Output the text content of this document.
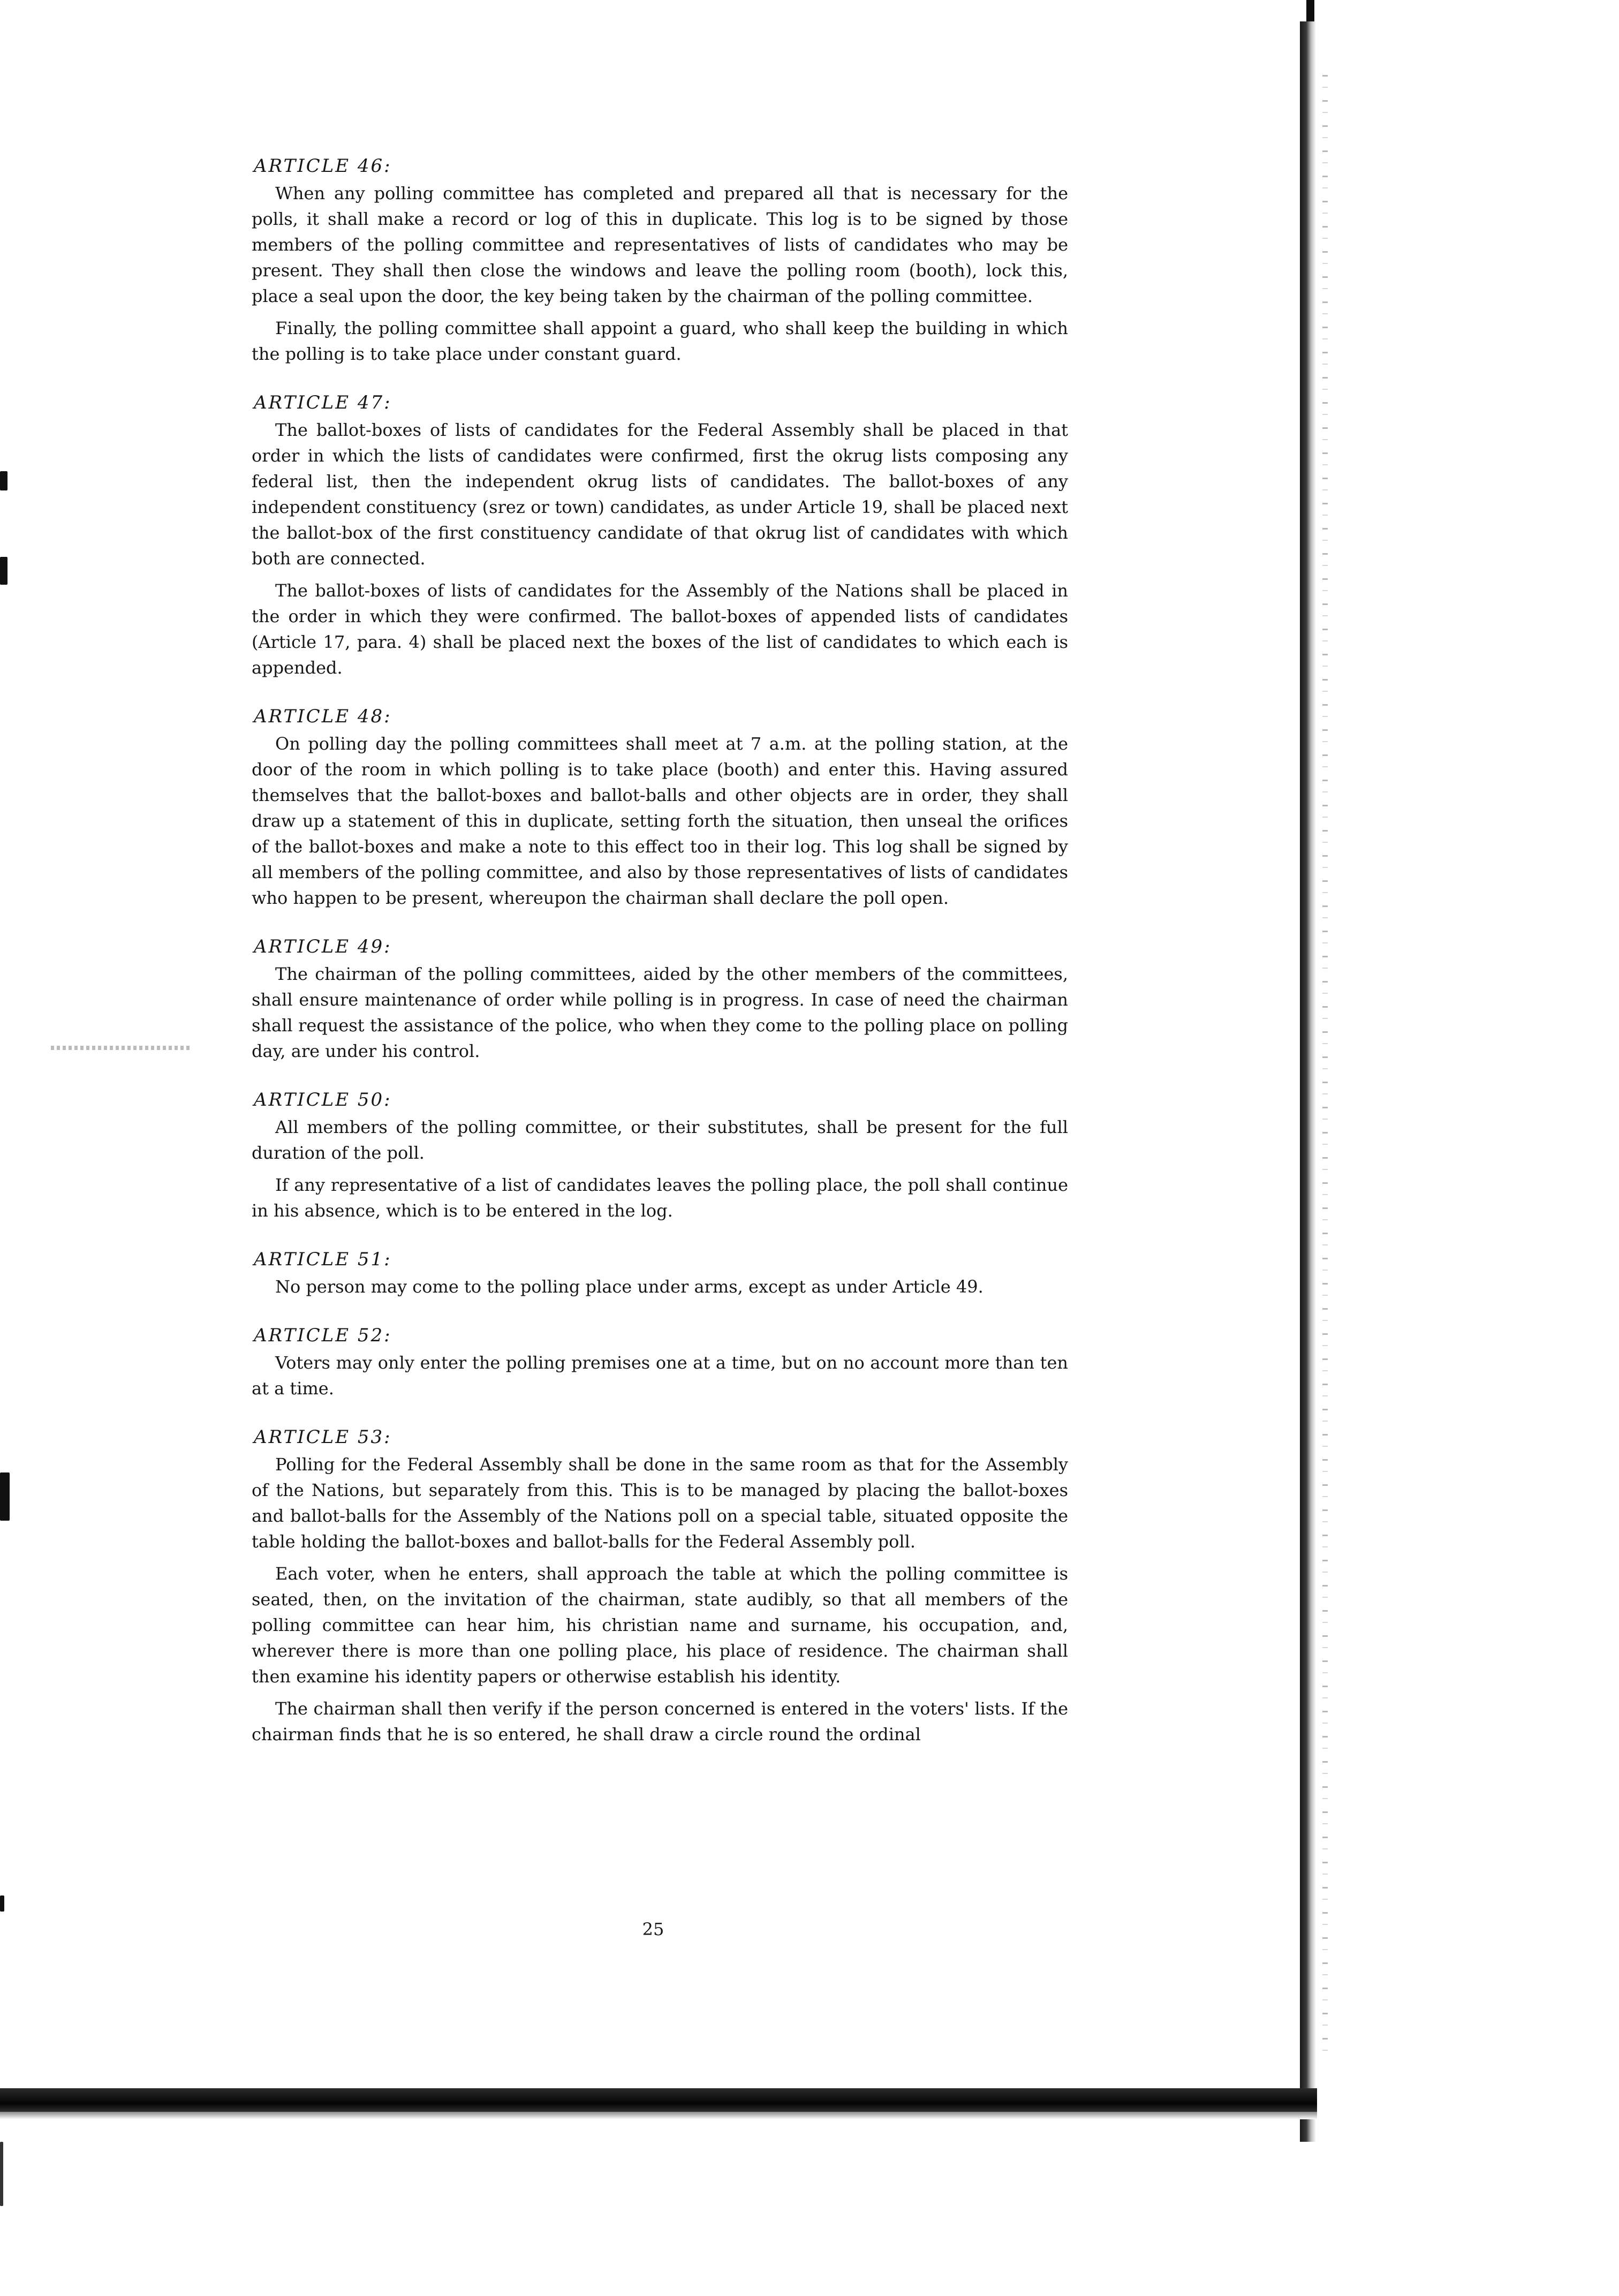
ARTICLE 46:

When any polling committee has completed and prepared all that is necessary for the polls, it shall make a record or log of this in duplicate. This log is to be signed by those members of the polling committee and representatives of lists of candidates who may be present. They shall then close the windows and leave the polling room (booth), lock this, place a seal upon the door, the key being taken by the chairman of the polling committee.

Finally, the polling committee shall appoint a guard, who shall keep the building in which the polling is to take place under constant guard.

ARTICLE 47:

The ballot-boxes of lists of candidates for the Federal Assembly shall be placed in that order in which the lists of candidates were confirmed, first the okrug lists composing any federal list, then the independent okrug lists of candidates. The ballot-boxes of any independent constituency (srez or town) candidates, as under Article 19, shall be placed next the ballot-box of the first constituency candidate of that okrug list of candidates with which both are connected.

The ballot-boxes of lists of candidates for the Assembly of the Nations shall be placed in the order in which they were confirmed. The ballot-boxes of appended lists of candidates (Article 17, para. 4) shall be placed next the boxes of the list of candidates to which each is appended.

ARTICLE 48:

On polling day the polling committees shall meet at 7 a.m. at the polling station, at the door of the room in which polling is to take place (booth) and enter this. Having assured themselves that the ballot-boxes and ballot-balls and other objects are in order, they shall draw up a statement of this in duplicate, setting forth the situation, then unseal the orifices of the ballot-boxes and make a note to this effect too in their log. This log shall be signed by all members of the polling committee, and also by those representatives of lists of candidates who happen to be present, whereupon the chairman shall declare the poll open.

ARTICLE 49:

The chairman of the polling committees, aided by the other members of the committees, shall ensure maintenance of order while polling is in progress. In case of need the chairman shall request the assistance of the police, who when they come to the polling place on polling day, are under his control.

ARTICLE 50:

All members of the polling committee, or their substitutes, shall be present for the full duration of the poll.

If any representative of a list of candidates leaves the polling place, the poll shall continue in his absence, which is to be entered in the log.

ARTICLE 51:

No person may come to the polling place under arms, except as under Article 49.

ARTICLE 52:

Voters may only enter the polling premises one at a time, but on no account more than ten at a time.

ARTICLE 53:

Polling for the Federal Assembly shall be done in the same room as that for the Assembly of the Nations, but separately from this. This is to be managed by placing the ballot-boxes and ballot-balls for the Assembly of the Nations poll on a special table, situated opposite the table holding the ballot-boxes and ballot-balls for the Federal Assembly poll.

Each voter, when he enters, shall approach the table at which the polling committee is seated, then, on the invitation of the chairman, state audibly, so that all members of the polling committee can hear him, his christian name and surname, his occupation, and, wherever there is more than one polling place, his place of residence. The chairman shall then examine his identity papers or otherwise establish his identity.

The chairman shall then verify if the person concerned is entered in the voters' lists. If the chairman finds that he is so entered, he shall draw a circle round the ordinal

25
